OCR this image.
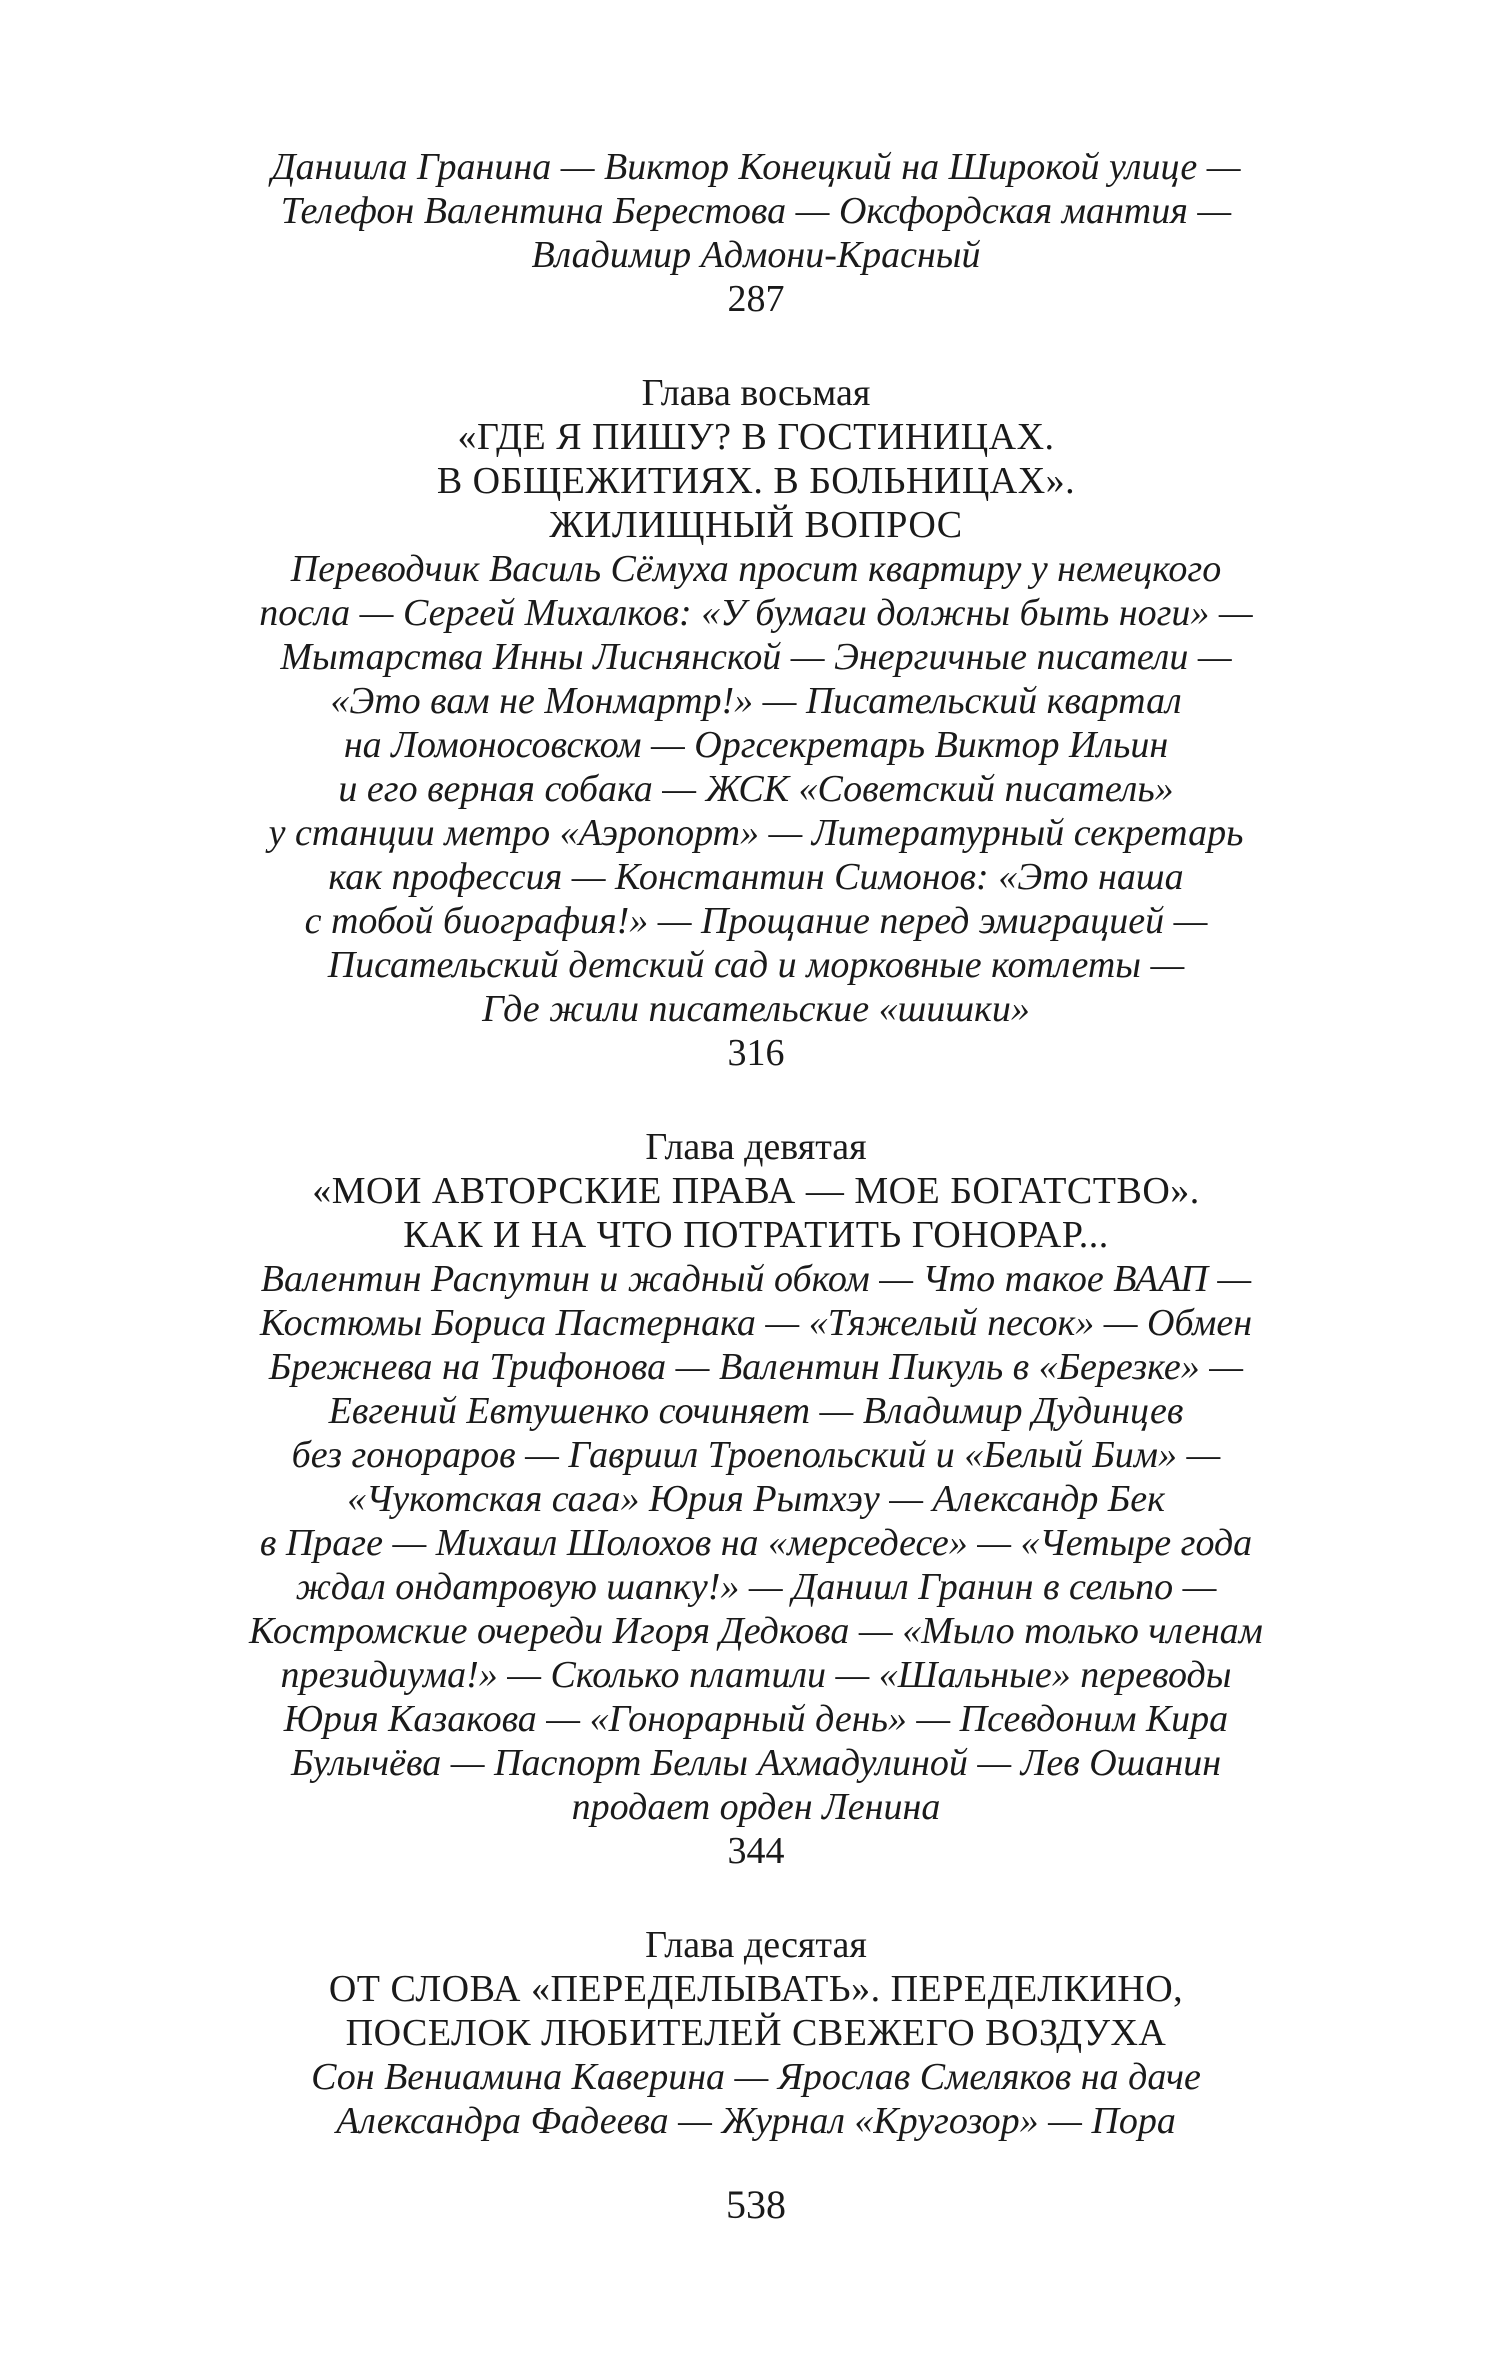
Даниила Гранина — Виктор Конецкий на Широкой улице —
Телефон Валентина Берестова — Оксфордская мантия —
Владимир Адмони-Красный
287
Глава восьмая
«ГДЕ Я ПИШУ? В ГОСТИНИЦАХ.
В ОБЩЕЖИТИЯХ. В БОЛЬНИЦАХ».
ЖИЛИЩНЫЙ ВОПРОС
Переводчик Василь Сёмуха просит квартиру у немецкого
посла — Сергей Михалков: «У бумаги должны быть ноги» —
Мытарства Инны Лиснянской — Энергичные писатели —
«Это вам не Монмартр!» — Писательский квартал
на Ломоносовском — Оргсекретарь Виктор Ильин
и его верная собака — ЖСК «Советский писатель»
у станции метро «Аэропорт» — Литературный секретарь
как профессия — Константин Симонов: «Это наша
с тобой биография!» — Прощание перед эмиграцией —
Писательский детский сад и морковные котлеты —
Где жили писательские «шишки»
316
Глава девятая
«МОИ АВТОРСКИЕ ПРАВА — МОЕ БОГАТСТВО».
КАК И НА ЧТО ПОТРАТИТЬ ГОНОРАР...
Валентин Распутин и жадный обком — Что такое ВААП —
Костюмы Бориса Пастернака — «Тяжелый песок» — Обмен
Брежнева на Трифонова — Валентин Пикуль в «Березке» —
Евгений Евтушенко сочиняет — Владимир Дудинцев
без гонораров — Гавриил Троепольский и «Белый Бим» —
«Чукотская сага» Юрия Рытхэу — Александр Бек
в Праге — Михаил Шолохов на «мерседесе» — «Четыре года
ждал ондатровую шапку!» — Даниил Гранин в сельпо —
Костромские очереди Игоря Дедкова — «Мыло только членам
президиума!» — Сколько платили — «Шальные» переводы
Юрия Казакова — «Гонорарный день» — Псевдоним Кира
Булычёва — Паспорт Беллы Ахмадулиной — Лев Ошанин
продает орден Ленина
344
Глава десятая
ОТ СЛОВА «ПЕРЕДЕЛЫВАТЬ». ПЕРЕДЕЛКИНО,
ПОСЕЛОК ЛЮБИТЕЛЕЙ СВЕЖЕГО ВОЗДУХА
Сон Вениамина Каверина — Ярослав Смеляков на даче
Александра Фадеева — Журнал «Кругозор» — Пора
538
